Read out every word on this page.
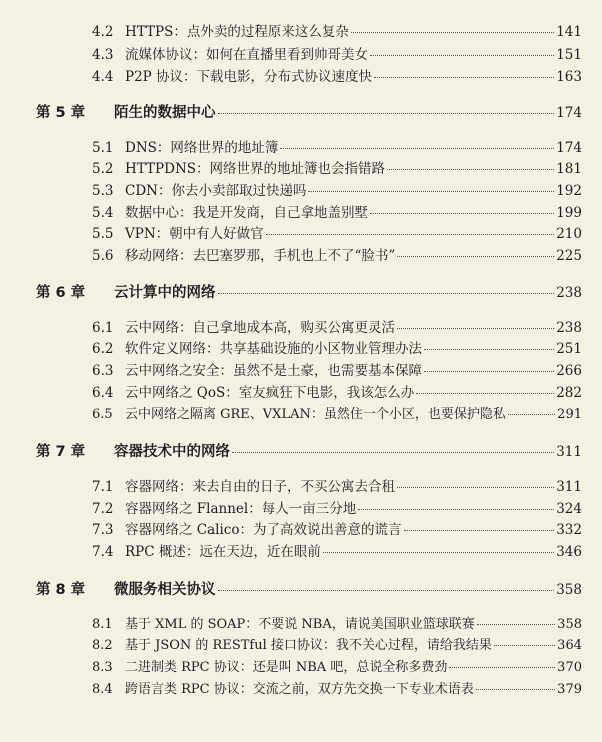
4.2 HTTPS：点外卖的过程原来这么复杂	141
4.3 流媒体协议：如何在直播里看到帅哥美女	151
4.4 P2P 协议：下载电影，分布式协议速度快	163
第 5 章	陌生的数据中心	174
5.1 DNS：网络世界的地址簿	174
5.2 HTTPDNS：网络世界的地址簿也会指错路	181
5.3 CDN：你去小卖部取过快递吗	192
5.4 数据中心：我是开发商，自己拿地盖别墅	199
5.5 VPN：朝中有人好做官	210
5.6 移动网络：去巴塞罗那，手机也上不了“脸书”	225
第 6 章	云计算中的网络	238
6.1 云中网络：自己拿地成本高，购买公寓更灵活	238
6.2 软件定义网络：共享基础设施的小区物业管理办法	251
6.3 云中网络之安全：虽然不是土豪，也需要基本保障	266
6.4 云中网络之 QoS：室友疯狂下电影，我该怎么办	282
6.5 云中网络之隔离 GRE、VXLAN：虽然住一个小区，也要保护隐私	291
第 7 章	容器技术中的网络	311
7.1 容器网络：来去自由的日子，不买公寓去合租	311
7.2 容器网络之 Flannel：每人一亩三分地	324
7.3 容器网络之 Calico：为了高效说出善意的谎言	332
7.4 RPC 概述：远在天边，近在眼前	346
第 8 章	微服务相关协议	358
8.1 基于 XML 的 SOAP：不要说 NBA，请说美国职业篮球联赛	358
8.2 基于 JSON 的 RESTful 接口协议：我不关心过程，请给我结果	364
8.3 二进制类 RPC 协议：还是叫 NBA 吧，总说全称多费劲	370
8.4 跨语言类 RPC 协议：交流之前，双方先交换一下专业术语表	379
